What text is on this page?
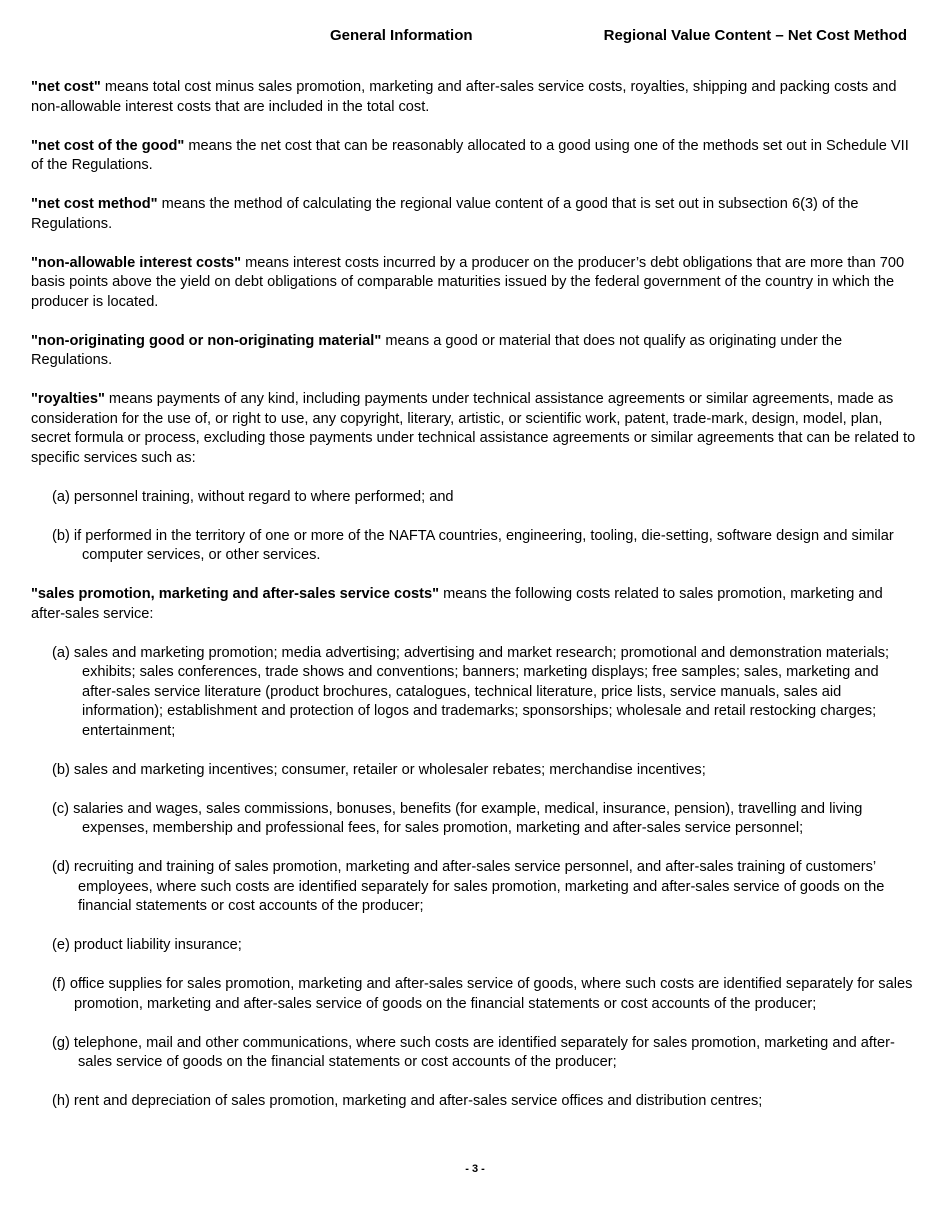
General Information	Regional Value Content – Net Cost Method

"net cost" means total cost minus sales promotion, marketing and after-sales service costs, royalties, shipping and packing costs and non-allowable interest costs that are included in the total cost.

"net cost of the good" means the net cost that can be reasonably allocated to a good using one of the methods set out in Schedule VII of the Regulations.

"net cost method" means the method of calculating the regional value content of a good that is set out in subsection 6(3) of the Regulations.

"non-allowable interest costs" means interest costs incurred by a producer on the producer’s debt obligations that are more than 700 basis points above the yield on debt obligations of comparable maturities issued by the federal government of the country in which the producer is located.

"non-originating good or non-originating material" means a good or material that does not qualify as originating under the Regulations.

"royalties" means payments of any kind, including payments under technical assistance agreements or similar agreements, made as consideration for the use of, or right to use, any copyright, literary, artistic, or scientific work, patent, trade-mark, design, model, plan, secret formula or process, excluding those payments under technical assistance agreements or similar agreements that can be related to specific services such as:

(a) personnel training, without regard to where performed; and

(b) if performed in the territory of one or more of the NAFTA countries, engineering, tooling, die-setting, software design and similar computer services, or other services.

"sales promotion, marketing and after-sales service costs" means the following costs related to sales promotion, marketing and after-sales service:

(a) sales and marketing promotion; media advertising; advertising and market research; promotional and demonstration materials; exhibits; sales conferences, trade shows and conventions; banners; marketing displays; free samples; sales, marketing and after-sales service literature (product brochures, catalogues, technical literature, price lists, service manuals, sales aid information); establishment and protection of logos and trademarks; sponsorships; wholesale and retail restocking charges; entertainment;

(b) sales and marketing incentives; consumer, retailer or wholesaler rebates; merchandise incentives;

(c) salaries and wages, sales commissions, bonuses, benefits (for example, medical, insurance, pension), travelling and living expenses, membership and professional fees, for sales promotion, marketing and after-sales service personnel;

(d) recruiting and training of sales promotion, marketing and after-sales service personnel, and after-sales training of customers’ employees, where such costs are identified separately for sales promotion, marketing and after-sales service of goods on the financial statements or cost accounts of the producer;

(e) product liability insurance;

(f) office supplies for sales promotion, marketing and after-sales service of goods, where such costs are identified separately for sales promotion, marketing and after-sales service of goods on the financial statements or cost accounts of the producer;

(g) telephone, mail and other communications, where such costs are identified separately for sales promotion, marketing and after-sales service of goods on the financial statements or cost accounts of the producer;

(h) rent and depreciation of sales promotion, marketing and after-sales service offices and distribution centres;

- 3 -
